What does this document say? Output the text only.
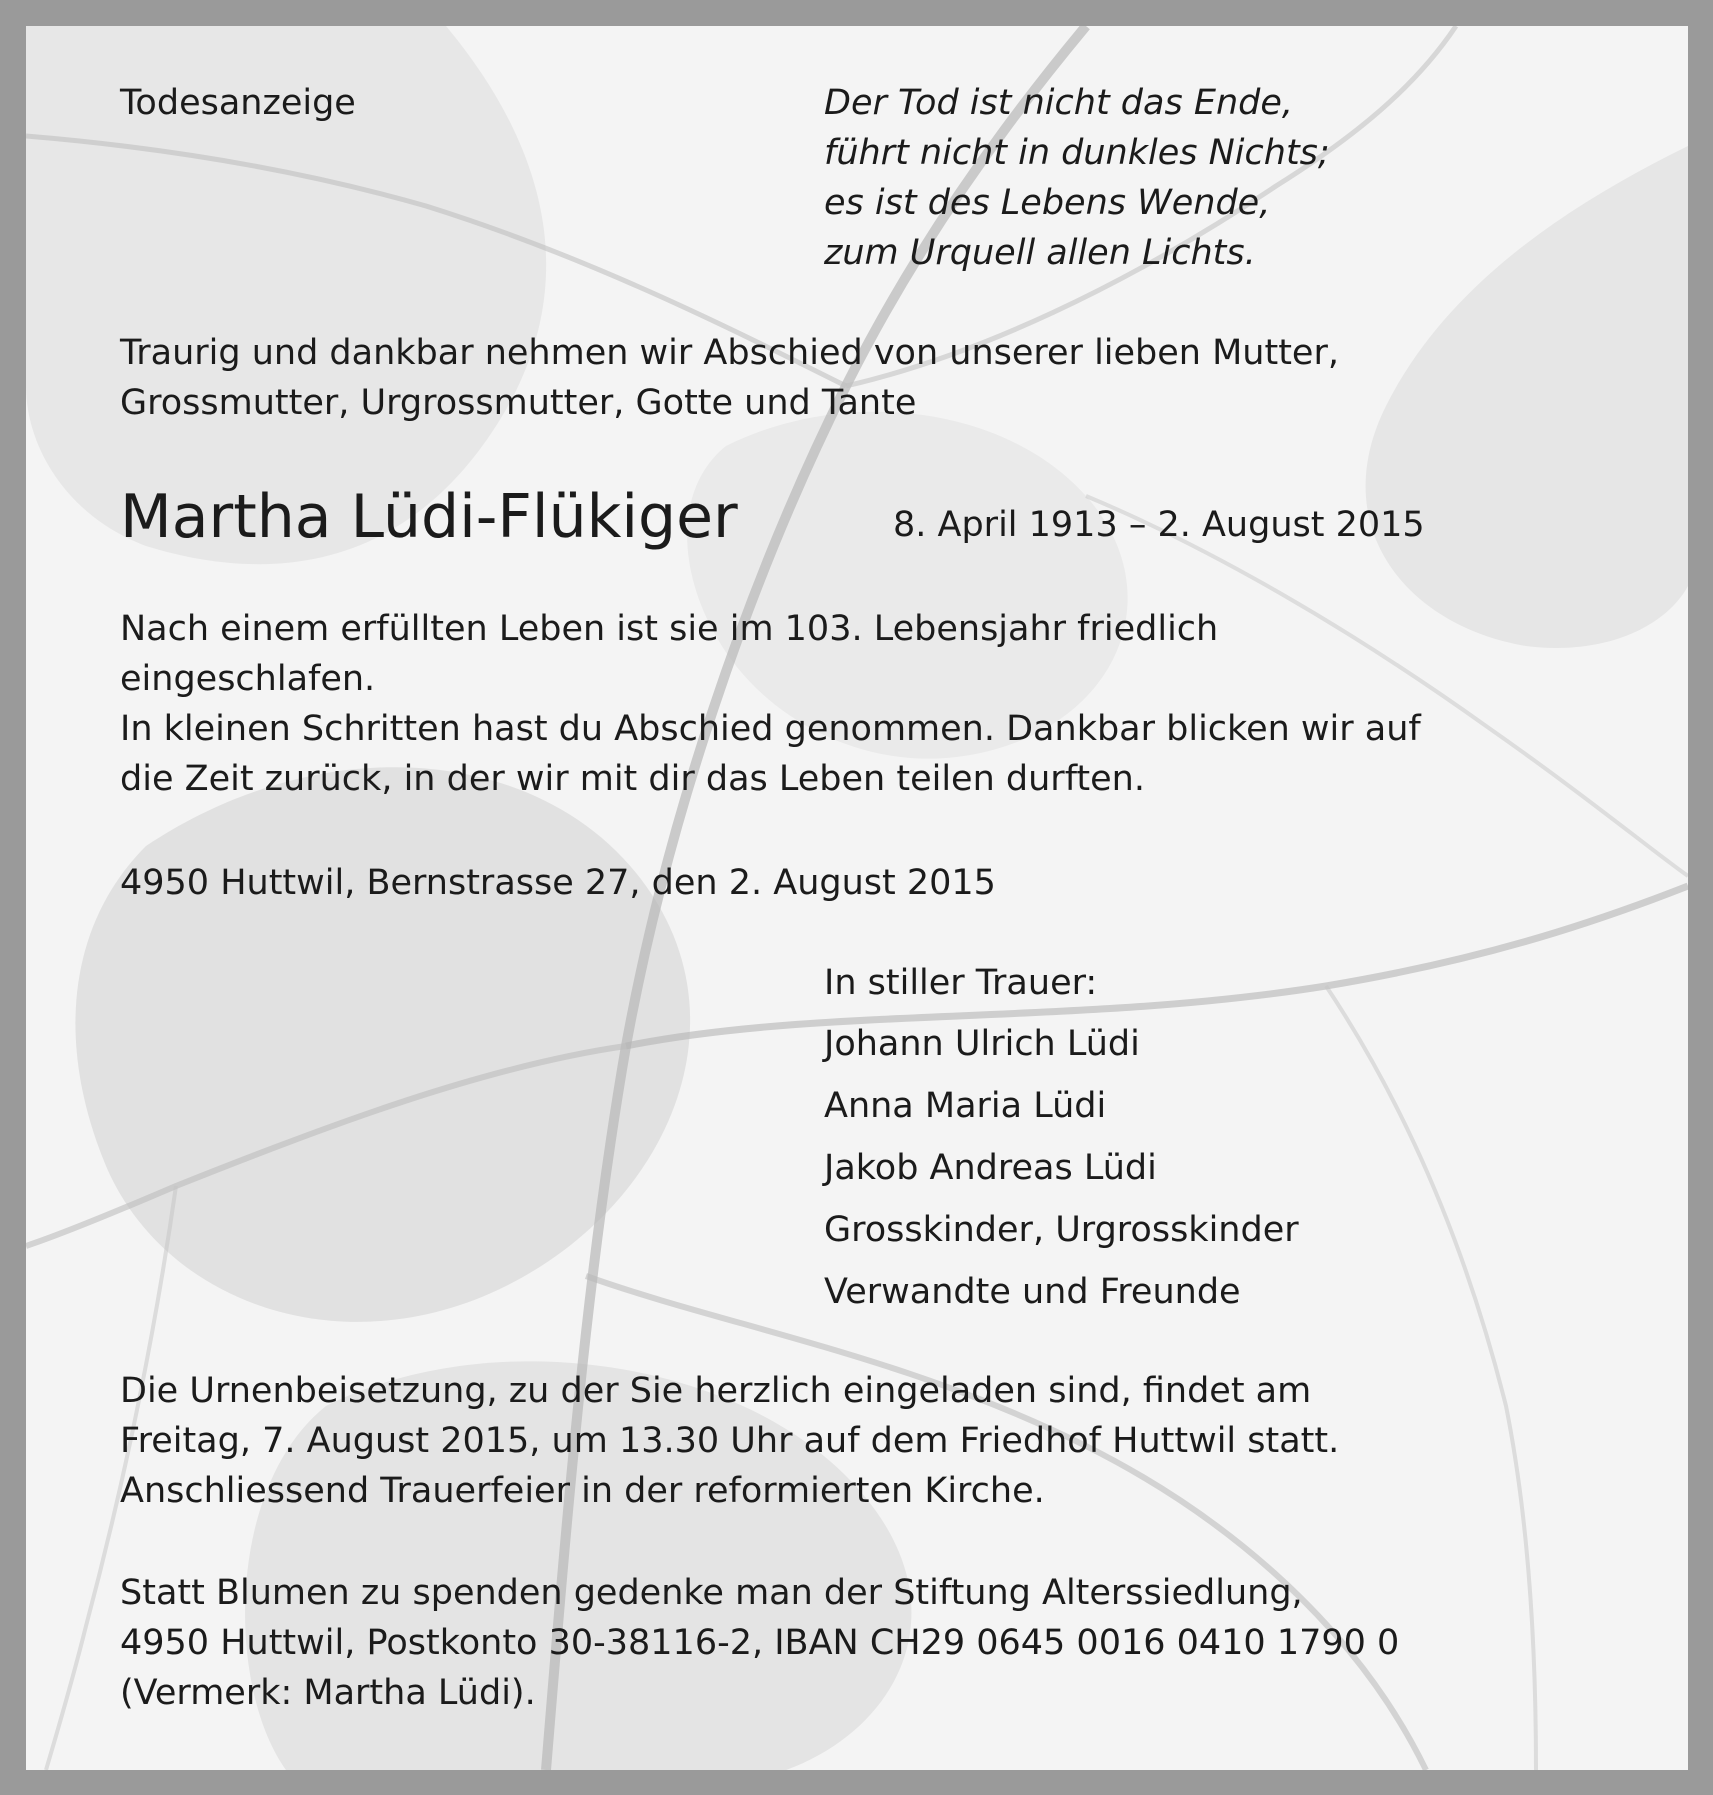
Todesanzeige	Der Tod ist nicht das Ende,
führt nicht in dunkles Nichts;
es ist des Lebens Wende,
zum Urquell allen Lichts.
Traurig und dankbar nehmen wir Abschied von unserer lieben Mutter,
Grossmutter, Urgrossmutter, Gotte und Tante
Martha Lüdi-Flükiger	8. April 1913 – 2. August 2015
Nach einem erfüllten Leben ist sie im 103. Lebensjahr friedlich
eingeschlafen.
In kleinen Schritten hast du Abschied genommen. Dankbar blicken wir auf
die Zeit zurück, in der wir mit dir das Leben teilen durften.
4950 Huttwil, Bernstrasse 27, den 2. August 2015
In stiller Trauer:
Johann Ulrich Lüdi
Anna Maria Lüdi
Jakob Andreas Lüdi
Grosskinder, Urgrosskinder
Verwandte und Freunde
Die Urnenbeisetzung, zu der Sie herzlich eingeladen sind, findet am
Freitag, 7. August 2015, um 13.30 Uhr auf dem Friedhof Huttwil statt.
Anschliessend Trauerfeier in der reformierten Kirche.
Statt Blumen zu spenden gedenke man der Stiftung Alterssiedlung,
4950 Huttwil, Postkonto 30-38116-2, IBAN CH29 0645 0016 0410 1790 0
(Vermerk: Martha Lüdi).
